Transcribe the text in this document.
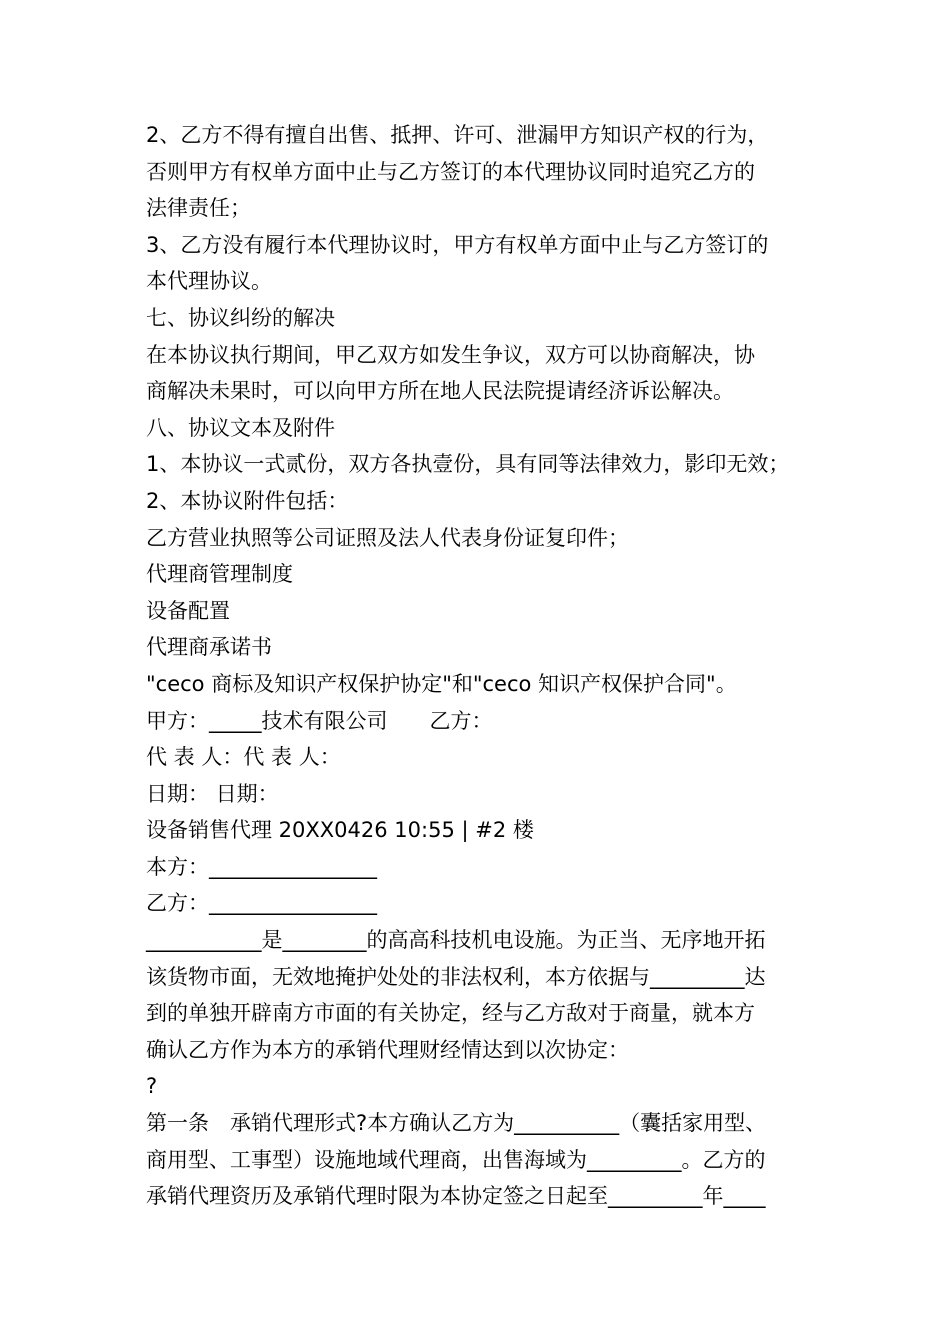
2、乙方不得有擅自出售、抵押、许可、泄漏甲方知识产权的行为，

否则甲方有权单方面中止与乙方签订的本代理协议同时追究乙方的

法律责任；

3、乙方没有履行本代理协议时，甲方有权单方面中止与乙方签订的

本代理协议。

七、协议纠纷的解决

在本协议执行期间，甲乙双方如发生争议，双方可以协商解决，协

商解决未果时，可以向甲方所在地人民法院提请经济诉讼解决。

八、协议文本及附件

1、本协议一式贰份，双方各执壹份，具有同等法律效力，影印无效；

2、本协议附件包括：

乙方营业执照等公司证照及法人代表身份证复印件；

代理商管理制度

设备配置

代理商承诺书

"ceco 商标及知识产权保护协定"和"ceco 知识产权保护合同"。

甲方：_____技术有限公司　　乙方：

代 表 人：代 表 人：

日期： 日期：

设备销售代理 20XX0426 10:55 | #2 楼

本方：________________

乙方：________________

___________是________的高高科技机电设施。为正当、无序地开拓

该货物市面，无效地掩护处处的非法权利，本方依据与_________达

到的单独开辟南方市面的有关协定，经与乙方敌对于商量，就本方

确认乙方作为本方的承销代理财经情达到以次协定：

?

第一条　承销代理形式?本方确认乙方为__________（囊括家用型、

商用型、工事型）设施地域代理商，出售海域为_________。乙方的

承销代理资历及承销代理时限为本协定签之日起至_________年____
